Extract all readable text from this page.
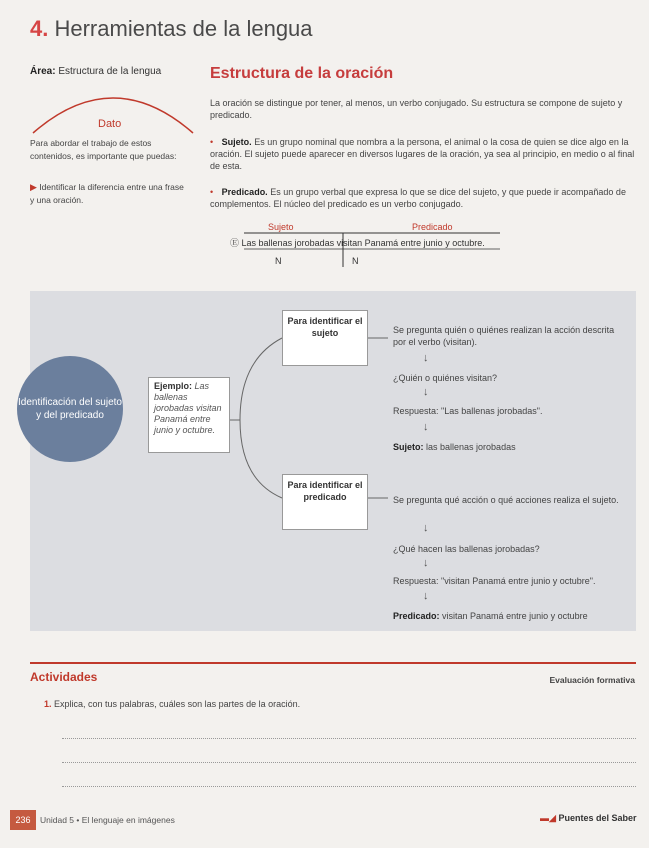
4. Herramientas de la lengua
Área: Estructura de la lengua
Dato
Para abordar el trabajo de estos contenidos, es importante que puedas:
▶ Identificar la diferencia entre una frase y una oración.
Estructura de la oración
La oración se distingue por tener, al menos, un verbo conjugado. Su estructura se compone de sujeto y predicado.
• Sujeto. Es un grupo nominal que nombra a la persona, el animal o la cosa de quien se dice algo en la oración. El sujeto puede aparecer en diversos lugares de la oración, ya sea al principio, en medio o al final de esta.
• Predicado. Es un grupo verbal que expresa lo que se dice del sujeto, y que puede ir acompañado de complementos. El núcleo del predicado es un verbo conjugado.
Sujeto	Predicado
Ⓔ Las ballenas jorobadas visitan Panamá entre junio y octubre.
N	N
Identificación del sujeto y del predicado
Ejemplo: Las ballenas jorobadas visitan Panamá entre junio y octubre.
Para identificar el sujeto
Para identificar el predicado
Se pregunta quién o quiénes realizan la acción descrita por el verbo (visitan).
↓
¿Quién o quiénes visitan?
↓
Respuesta: "Las ballenas jorobadas".
↓
Sujeto: las ballenas jorobadas
Se pregunta qué acción o qué acciones realiza el sujeto.
↓
¿Qué hacen las ballenas jorobadas?
↓
Respuesta: "visitan Panamá entre junio y octubre".
↓
Predicado: visitan Panamá entre junio y octubre
Actividades	Evaluación formativa
1. Explica, con tus palabras, cuáles son las partes de la oración.
236	Unidad 5 • El lenguaje en imágenes	▬◢ Puentes del Saber
